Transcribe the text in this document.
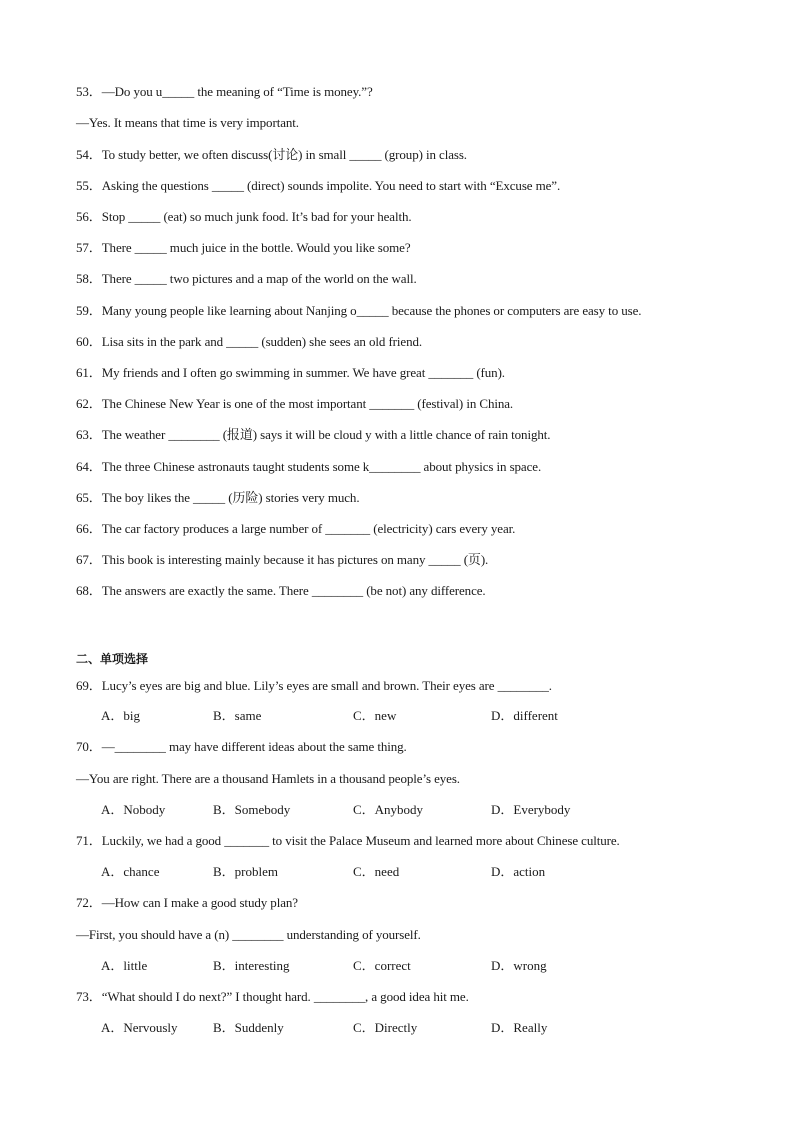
53．—Do you u_____ the meaning of “Time is money.”?
—Yes. It means that time is very important.
54．To study better, we often discuss(讨论) in small _____ (group) in class.
55．Asking the questions _____ (direct) sounds impolite. You need to start with “Excuse me”.
56．Stop _____ (eat) so much junk food. It’s bad for your health.
57．There _____ much juice in the bottle. Would you like some?
58．There _____ two pictures and a map of the world on the wall.
59．Many young people like learning about Nanjing o_____ because the phones or computers are easy to use.
60．Lisa sits in the park and _____ (sudden) she sees an old friend.
61．My friends and I often go swimming in summer. We have great _______ (fun).
62．The Chinese New Year is one of the most important _______ (festival) in China.
63．The weather ________ (报道) says it will be cloud y with a little chance of rain tonight.
64．The three Chinese astronauts taught students some k________ about physics in space.
65．The boy likes the _____ (历险) stories very much.
66．The car factory produces a large number of _______ (electricity) cars every year.
67．This book is interesting mainly because it has pictures on many _____ (页).
68．The answers are exactly the same. There ________ (be not) any difference.
二、单项选择
69．Lucy’s eyes are big and blue. Lily’s eyes are small and brown. Their eyes are ________.
A．big	B．same	C．new	D．different
70．—________ may have different ideas about the same thing.
—You are right. There are a thousand Hamlets in a thousand people’s eyes.
A．Nobody	B．Somebody	C．Anybody	D．Everybody
71．Luckily, we had a good _______ to visit the Palace Museum and learned more about Chinese culture.
A．chance	B．problem	C．need	D．action
72．—How can I make a good study plan?
—First, you should have a (n) ________ understanding of yourself.
A．little	B．interesting	C．correct	D．wrong
73．“What should I do next?” I thought hard. ________, a good idea hit me.
A．Nervously	B．Suddenly	C．Directly	D．Really
